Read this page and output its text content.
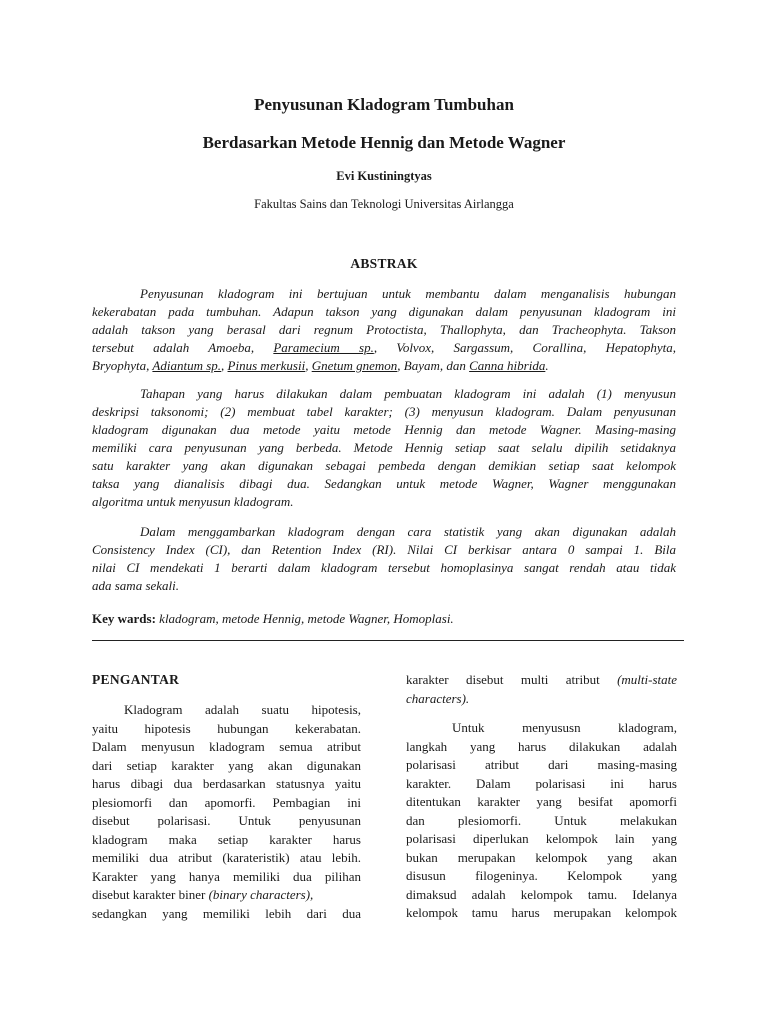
Penyusunan Kladogram Tumbuhan
Berdasarkan Metode Hennig dan Metode Wagner
Evi Kustiningtyas
Fakultas Sains dan Teknologi Universitas Airlangga
ABSTRAK
Penyusunan kladogram ini bertujuan untuk membantu dalam menganalisis hubungan
kekerabatan pada tumbuhan. Adapun takson yang digunakan dalam penyusunan kladogram ini
adalah takson yang berasal dari regnum Protoctista, Thallophyta, dan Tracheophyta. Takson
tersebut adalah Amoeba, Paramecium sp., Volvox, Sargassum, Corallina, Hepatophyta,
Bryophyta, Adiantum sp., Pinus merkusii, Gnetum gnemon, Bayam, dan Canna hibrida.
Tahapan yang harus dilakukan dalam pembuatan kladogram ini adalah (1) menyusun
deskripsi taksonomi; (2) membuat tabel karakter; (3) menyusun kladogram. Dalam penyusunan
kladogram digunakan dua metode yaitu metode Hennig dan metode Wagner. Masing-masing
memiliki cara penyusunan yang berbeda. Metode Hennig setiap saat selalu dipilih setidaknya
satu karakter yang akan digunakan sebagai pembeda dengan demikian setiap saat kelompok
taksa yang dianalisis dibagi dua. Sedangkan untuk metode Wagner, Wagner menggunakan
algoritma untuk menyusun kladogram.
Dalam menggambarkan kladogram dengan cara statistik yang akan digunakan adalah
Consistency Index (CI), dan Retention Index (RI). Nilai CI berkisar antara 0 sampai 1. Bila
nilai CI mendekati 1 berarti dalam kladogram tersebut homoplasinya sangat rendah atau tidak
ada sama sekali.
Key wards: kladogram, metode Hennig, metode Wagner, Homoplasi.
PENGANTAR
Kladogram adalah suatu hipotesis,
yaitu hipotesis hubungan kekerabatan.
Dalam menyusun kladogram semua atribut
dari setiap karakter yang akan digunakan
harus dibagi dua berdasarkan statusnya yaitu
plesiomorfi dan apomorfi. Pembagian ini
disebut polarisasi. Untuk penyusunan
kladogram maka setiap karakter harus
memiliki dua atribut (karateristik) atau lebih.
Karakter yang hanya memiliki dua pilihan
disebut karakter biner (binary characters),
sedangkan yang memiliki lebih dari dua
karakter disebut multi atribut (multi-state
characters).
Untuk menyususn kladogram,
langkah yang harus dilakukan adalah
polarisasi atribut dari masing-masing
karakter. Dalam polarisasi ini harus
ditentukan karakter yang besifat apomorfi
dan plesiomorfi. Untuk melakukan
polarisasi diperlukan kelompok lain yang
bukan merupakan kelompok yang akan
disusun filogeninya. Kelompok yang
dimaksud adalah kelompok tamu. Idelanya
kelompok tamu harus merupakan kelompok
